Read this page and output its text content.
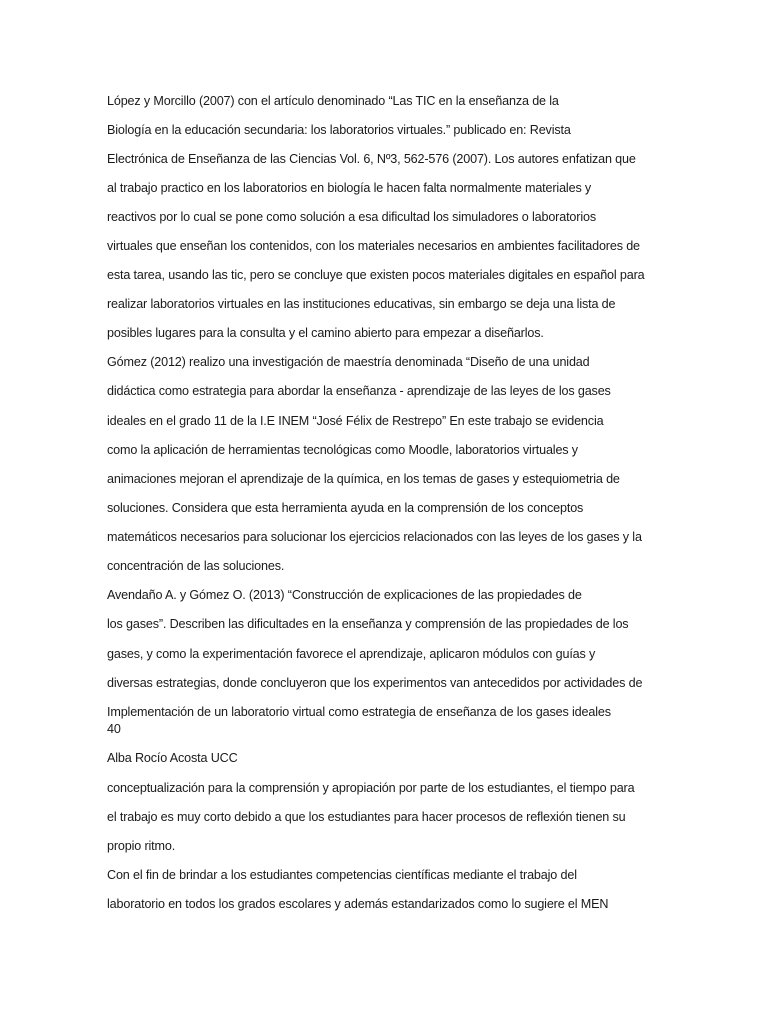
López y Morcillo (2007) con el artículo denominado “Las TIC en la enseñanza de la
Biología en la educación secundaria: los laboratorios virtuales.” publicado en: Revista
Electrónica de Enseñanza de las Ciencias Vol. 6, Nº3, 562-576 (2007). Los autores enfatizan que
al trabajo practico en los laboratorios en biología le hacen falta normalmente materiales y
reactivos por lo cual se pone como solución a esa dificultad los simuladores o laboratorios
virtuales que enseñan los contenidos, con los materiales necesarios en ambientes facilitadores de
esta tarea, usando las tic, pero se concluye que existen pocos materiales digitales en español para
realizar laboratorios virtuales en las instituciones educativas, sin embargo se deja una lista de
posibles lugares para la consulta y el camino abierto para empezar a diseñarlos.
Gómez (2012) realizo una investigación de maestría denominada “Diseño de una unidad
didáctica como estrategia para abordar la enseñanza - aprendizaje de las leyes de los gases
ideales en el grado 11 de la I.E INEM “José Félix de Restrepo” En este trabajo se evidencia
como la aplicación de herramientas tecnológicas como Moodle, laboratorios virtuales y
animaciones mejoran el aprendizaje de la química, en los temas de gases y estequiometria de
soluciones. Considera que esta herramienta ayuda en la comprensión de los conceptos
matemáticos necesarios para solucionar los ejercicios relacionados con las leyes de los gases y la
concentración de las soluciones.
Avendaño A. y Gómez O. (2013) “Construcción de explicaciones de las propiedades de
los gases”. Describen las dificultades en la enseñanza y comprensión de las propiedades de los
gases, y como la experimentación favorece el aprendizaje, aplicaron módulos con guías y
diversas estrategias, donde concluyeron que los experimentos van antecedidos por actividades de
Implementación de un laboratorio virtual como estrategia de enseñanza de los gases ideales
40
Alba Rocío Acosta UCC
conceptualización para la comprensión y apropiación por parte de los estudiantes, el tiempo para
el trabajo es muy corto debido a que los estudiantes para hacer procesos de reflexión tienen su
propio ritmo.
Con el fin de brindar a los estudiantes competencias científicas mediante el trabajo del
laboratorio en todos los grados escolares y además estandarizados como lo sugiere el MEN
